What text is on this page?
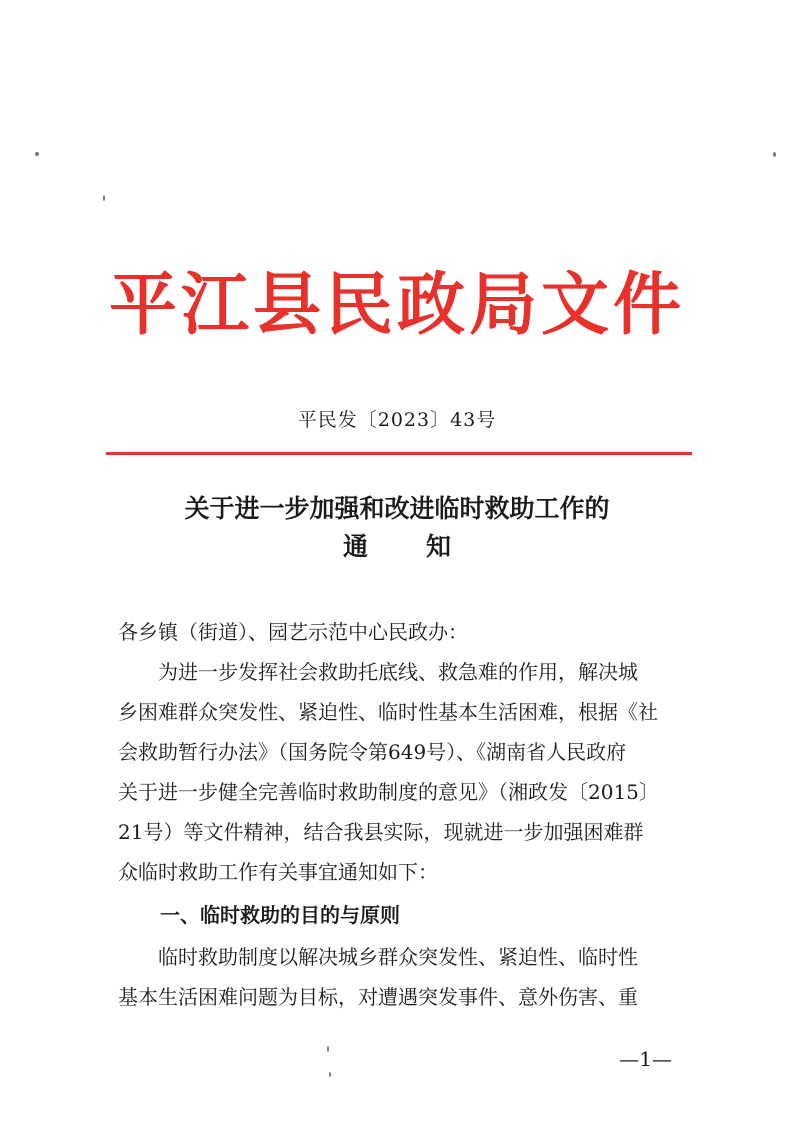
平江县民政局文件
平民发〔2023〕43号
关于进一步加强和改进临时救助工作的
通知
各乡镇（街道）、园艺示范中心民政办：
为进一步发挥社会救助托底线、救急难的作用，解决城
乡困难群众突发性、紧迫性、临时性基本生活困难，根据《社
会救助暂行办法》（国务院令第649号）、《湖南省人民政府
关于进一步健全完善临时救助制度的意见》（湘政发〔2015〕
21号）等文件精神，结合我县实际，现就进一步加强困难群
众临时救助工作有关事宜通知如下：
一、临时救助的目的与原则
临时救助制度以解决城乡群众突发性、紧迫性、临时性
基本生活困难问题为目标，对遭遇突发事件、意外伤害、重
—1—
